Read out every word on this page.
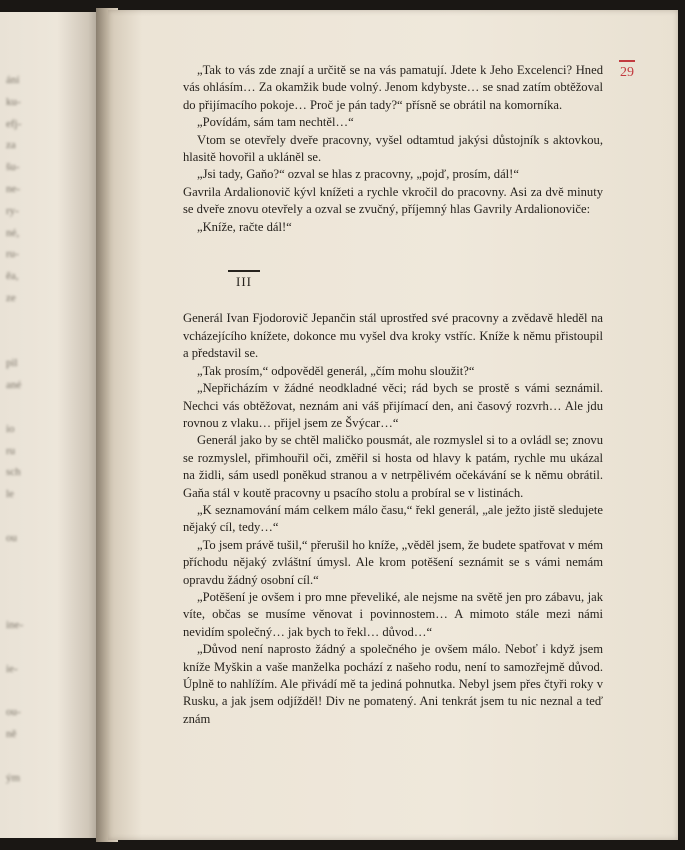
ání
ku-
efj-
za
šu-
ne-
ry-
né,
ru-
ěa,
ze
pil
ané
io
ru
sch
le
ou
ine-
ie-
ou-
ně
ým
29

„Tak to vás zde znají a určitě se na vás pamatují. Jdete k Jeho Excelenci? Hned vás ohlásím… Za okamžik bude volný. Jenom kdybyste… se snad zatím obtěžoval do přijímacího pokoje… Proč je pán tady?“ přísně se obrátil na komorníka.

„Povídám, sám tam nechtěl…“

Vtom se otevřely dveře pracovny, vyšel odtamtud jakýsi důstojník s aktovkou, hlasitě hovořil a ukláněl se.

„Jsi tady, Gaňo?“ ozval se hlas z pracovny, „pojď, prosím, dál!“

Gavrila Ardalionovič kývl knížeti a rychle vkročil do pracovny. Asi za dvě minuty se dveře znovu otevřely a ozval se zvučný, příjemný hlas Gavrily Ardalionoviče:

„Kníže, račte dál!“

III

Generál Ivan Fjodorovič Jepančin stál uprostřed své pracovny a zvědavě hleděl na vcházejícího knížete, dokonce mu vyšel dva kroky vstříc. Kníže k němu přistoupil a představil se.

„Tak prosím,“ odpověděl generál, „čím mohu sloužit?“

„Nepřicházím v žádné neodkladné věci; rád bych se prostě s vámi seznámil. Nechci vás obtěžovat, neznám ani váš přijímací den, ani časový rozvrh… Ale jdu rovnou z vlaku… přijel jsem ze Švýcar…“

Generál jako by se chtěl maličko pousmát, ale rozmyslel si to a ovládl se; znovu se rozmyslel, přimhouřil oči, změřil si hosta od hlavy k patám, rychle mu ukázal na židli, sám usedl poněkud stranou a v netrpělivém očekávání se k němu obrátil. Gaňa stál v koutě pracovny u psacího stolu a probíral se v listinách.

„K seznamování mám celkem málo času,“ řekl generál, „ale ježto jistě sledujete nějaký cíl, tedy…“

„To jsem právě tušil,“ přerušil ho kníže, „věděl jsem, že budete spatřovat v mém příchodu nějaký zvláštní úmysl. Ale krom potěšení seznámit se s vámi nemám opravdu žádný osobní cíl.“

„Potěšení je ovšem i pro mne převeliké, ale nejsme na světě jen pro zábavu, jak víte, občas se musíme věnovat i povinnostem… A mimoto stále mezi námi nevidím společný… jak bych to řekl… důvod…“

„Důvod není naprosto žádný a společného je ovšem málo. Neboť i když jsem kníže Myškin a vaše manželka pochází z našeho rodu, není to samozřejmě důvod. Úplně to nahlížím. Ale přivádí mě ta jediná pohnutka. Nebyl jsem přes čtyři roky v Rusku, a jak jsem odjížděl! Div ne pomatený. Ani tenkrát jsem tu nic neznal a teď znám
